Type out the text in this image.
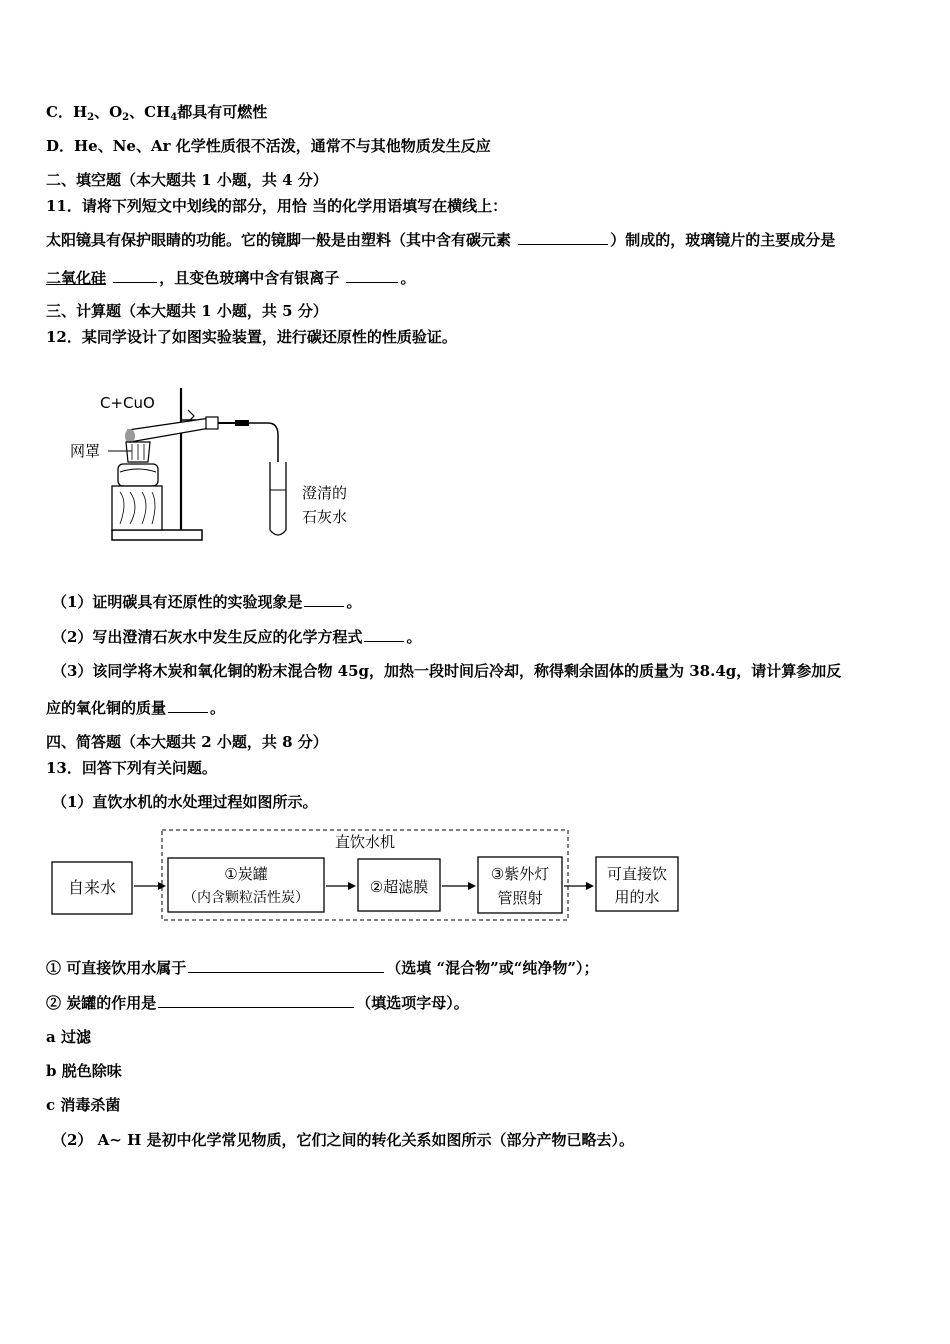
C．$H_2$、$O_2$、$CH_4$都具有可燃性
D．He、Ne、Ar 化学性质很不活泼，通常不与其他物质发生反应
二、填空题（本大题共 1 小题，共 4 分）
11．请将下列短文中划线的部分，用恰 当的化学用语填写在横线上：
太阳镜具有保护眼睛的功能。它的镜脚一般是由塑料（其中含有碳元素	）制成的，玻璃镜片的主要成分是
二氧化硅	，且变色玻璃中含有银离子	。
三、计算题（本大题共 1 小题，共 5 分）
12．某同学设计了如图实验装置，进行碳还原性的性质验证。
C+CuO
网罩
澄清的
石灰水
（1）证明碳具有还原性的实验现象是	。
（2）写出澄清石灰水中发生反应的化学方程式	。
（3）该同学将木炭和氧化铜的粉末混合物 45g，加热一段时间后冷却，称得剩余固体的质量为 38.4g，请计算参加反
应的氧化铜的质量	。
四、简答题（本大题共 2 小题，共 8 分）
13．回答下列有关问题。
（1）直饮水机的水处理过程如图所示。
直饮水机
自来水
①炭罐
（内含颗粒活性炭）
②超滤膜
③紫外灯
管照射
可直接饮
用的水
① 可直接饮用水属于	（选填 “混合物”或“纯净物”）；
② 炭罐的作用是	（填选项字母）。
a 过滤
b 脱色除味
c 消毒杀菌
（2） A~ H 是初中化学常见物质，它们之间的转化关系如图所示（部分产物已略去）。
